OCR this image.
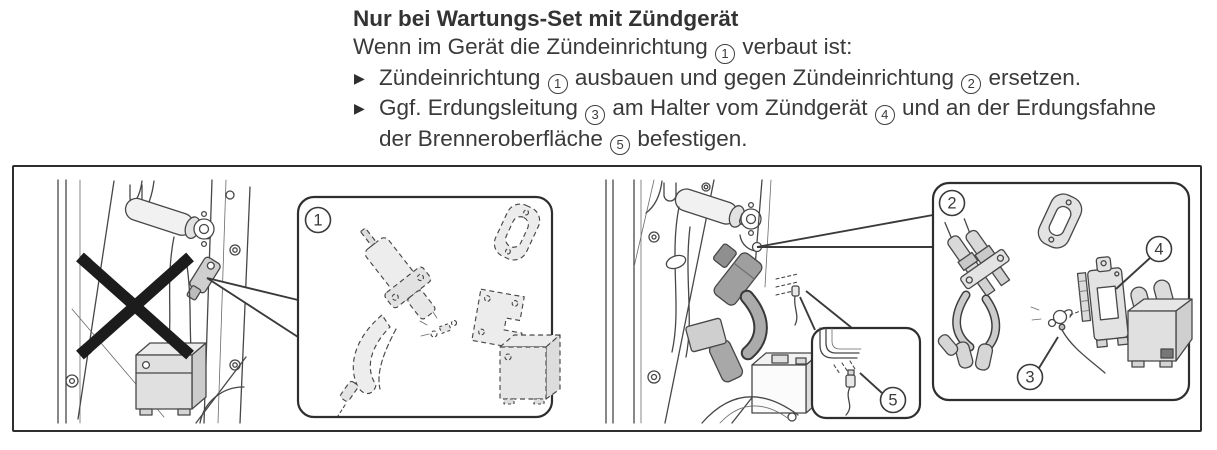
Nur bei Wartungs-Set mit Zündgerät

Wenn im Gerät die Zündeinrichtung 1 verbaut ist:

▶ Zündeinrichtung 1 ausbauen und gegen Zündeinrichtung 2 ersetzen.
▶ Ggf. Erdungsleitung 3 am Halter vom Zündgerät 4 und an der Erdungsfahne der Brenneroberfläche 5 befestigen.
1
5
2
4
3
